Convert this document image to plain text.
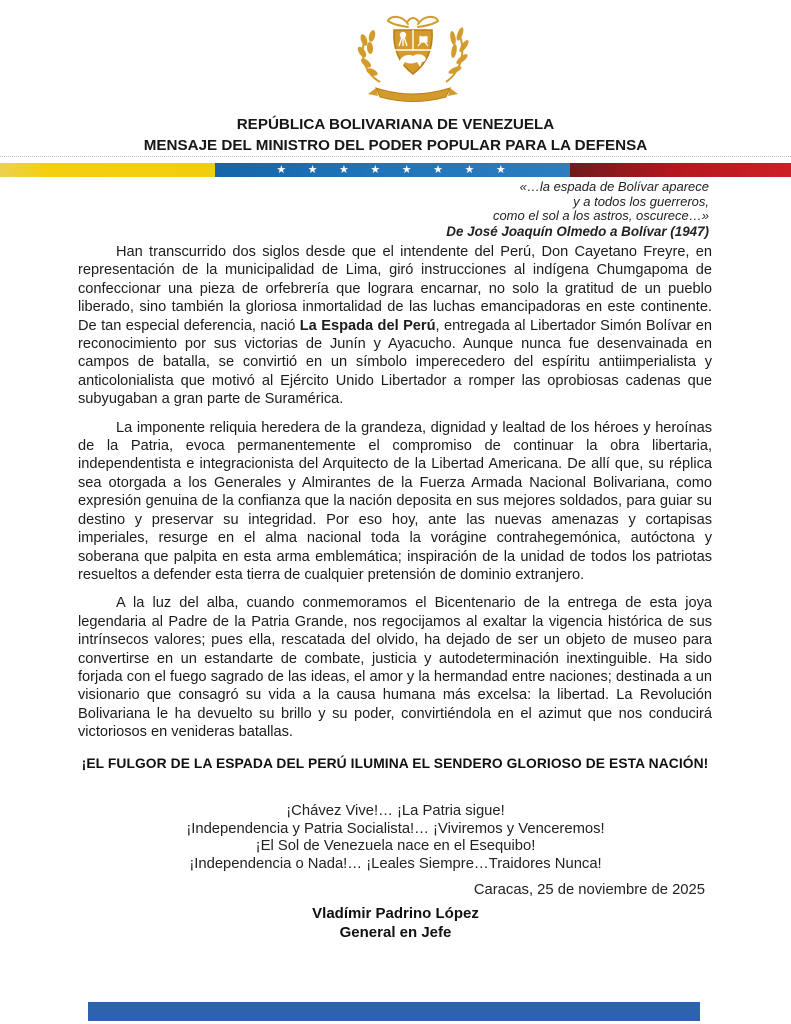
REPÚBLICA BOLIVARIANA DE VENEZUELA
MENSAJE DEL MINISTRO DEL PODER POPULAR PARA LA DEFENSA
★ ★ ★ ★ ★ ★ ★ ★
«…la espada de Bolívar aparece
y a todos los guerreros,
como el sol a los astros, oscurece…»
De José Joaquín Olmedo a Bolívar (1947)

Han transcurrido dos siglos desde que el intendente del Perú, Don Cayetano Freyre, en representación de la municipalidad de Lima, giró instrucciones al indígena Chumgapoma de confeccionar una pieza de orfebrería que lograra encarnar, no solo la gratitud de un pueblo liberado, sino también la gloriosa inmortalidad de las luchas emancipadoras en este continente. De tan especial deferencia, nació La Espada del Perú, entregada al Libertador Simón Bolívar en reconocimiento por sus victorias de Junín y Ayacucho. Aunque nunca fue desenvainada en campos de batalla, se convirtió en un símbolo imperecedero del espíritu antiimperialista y anticolonialista que motivó al Ejército Unido Libertador a romper las oprobiosas cadenas que subyugaban a gran parte de Suramérica.

La imponente reliquia heredera de la grandeza, dignidad y lealtad de los héroes y heroínas de la Patria, evoca permanentemente el compromiso de continuar la obra libertaria, independentista e integracionista del Arquitecto de la Libertad Americana. De allí que, su réplica sea otorgada a los Generales y Almirantes de la Fuerza Armada Nacional Bolivariana, como expresión genuina de la confianza que la nación deposita en sus mejores soldados, para guiar su destino y preservar su integridad. Por eso hoy, ante las nuevas amenazas y cortapisas imperiales, resurge en el alma nacional toda la vorágine contrahegemónica, autóctona y soberana que palpita en esta arma emblemática; inspiración de la unidad de todos los patriotas resueltos a defender esta tierra de cualquier pretensión de dominio extranjero.

A la luz del alba, cuando conmemoramos el Bicentenario de la entrega de esta joya legendaria al Padre de la Patria Grande, nos regocijamos al exaltar la vigencia histórica de sus intrínsecos valores; pues ella, rescatada del olvido, ha dejado de ser un objeto de museo para convertirse en un estandarte de combate, justicia y autodeterminación inextinguible. Ha sido forjada con el fuego sagrado de las ideas, el amor y la hermandad entre naciones; destinada a un visionario que consagró su vida a la causa humana más excelsa: la libertad. La Revolución Bolivariana le ha devuelto su brillo y su poder, convirtiéndola en el azimut que nos conducirá victoriosos en venideras batallas.

¡EL FULGOR DE LA ESPADA DEL PERÚ ILUMINA EL SENDERO GLORIOSO DE ESTA NACIÓN!
¡Chávez Vive!… ¡La Patria sigue!
¡Independencia y Patria Socialista!… ¡Viviremos y Venceremos!
¡El Sol de Venezuela nace en el Esequibo!
¡Independencia o Nada!… ¡Leales Siempre…Traidores Nunca!
Caracas, 25 de noviembre de 2025
Vladímir Padrino López
General en Jefe
